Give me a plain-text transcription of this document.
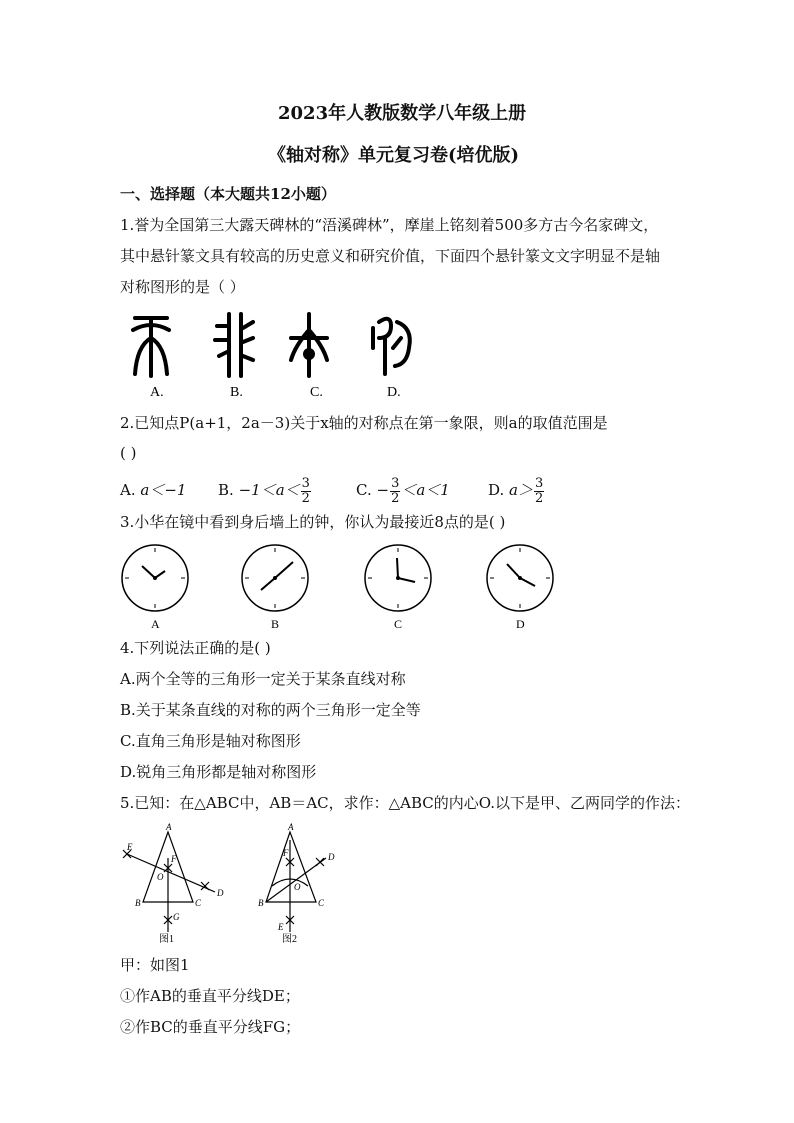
2023年人教版数学八年级上册
《轴对称》单元复习卷(培优版)
一、选择题（本大题共12小题）
1.誉为全国第三大露天碑林的“浯溪碑林”，摩崖上铭刻着500多方古今名家碑文，
其中悬针篆文具有较高的历史意义和研究价值，下面四个悬针篆文文字明显不是轴
对称图形的是（ ）
A.	B.	C.	D.
2.已知点P(a+1，2a－3)关于x轴的对称点在第一象限，则a的取值范围是
( )
A. a＜−1 B. $-1<a< \frac{3}{2}$	C. − $\frac{3}{2} <a<1$	D. $a> \frac{3}{2}$
3.小华在镜中看到身后墙上的钟，你认为最接近8点的是( )
A	B	C	D
4.下列说法正确的是( )
A.两个全等的三角形一定关于某条直线对称
B.关于某条直线的对称的两个三角形一定全等
C.直角三角形是轴对称图形
D.锐角三角形都是轴对称图形
5.已知：在△ABC中，AB＝AC，求作：△ABC的内心O.以下是甲、乙两同学的作法：
A
B	C
D
E
F
G
O
图1
A
B	C
D
E
F
O
图2
甲：如图1
①作AB的垂直平分线DE；
②作BC的垂直平分线FG；
